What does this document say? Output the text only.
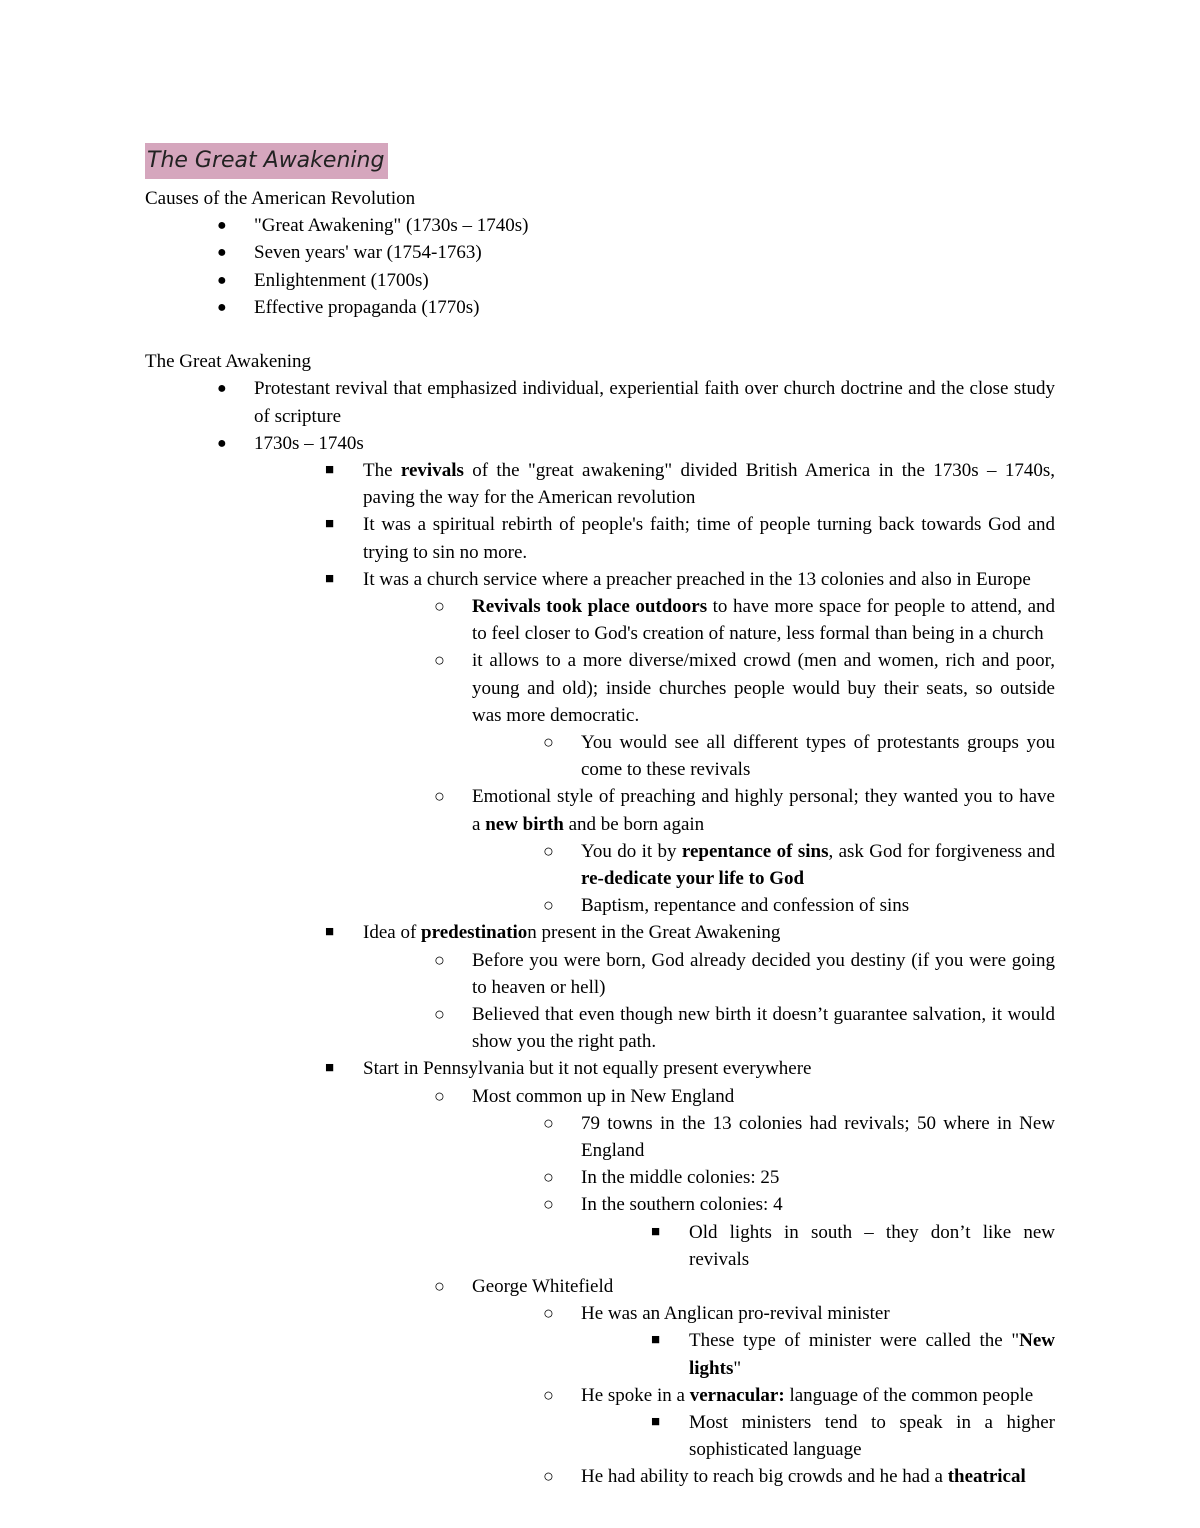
The Great Awakening
Causes of the American Revolution
● "Great Awakening" (1730s – 1740s)
● Seven years' war (1754-1763)
● Enlightenment (1700s)
● Effective propaganda (1770s)
The Great Awakening
● Protestant revival that emphasized individual, experiential faith over church doctrine and the close study of scripture
● 1730s – 1740s
■ The revivals of the "great awakening" divided British America in the 1730s – 1740s, paving the way for the American revolution
■ It was a spiritual rebirth of people's faith; time of people turning back towards God and trying to sin no more.
■ It was a church service where a preacher preached in the 13 colonies and also in Europe
○ Revivals took place outdoors to have more space for people to attend, and to feel closer to God's creation of nature, less formal than being in a church
○ it allows to a more diverse/mixed crowd (men and women, rich and poor, young and old); inside churches people would buy their seats, so outside was more democratic.
○ You would see all different types of protestants groups you come to these revivals
○ Emotional style of preaching and highly personal; they wanted you to have a new birth and be born again
○ You do it by repentance of sins, ask God for forgiveness and re-dedicate your life to God
○ Baptism, repentance and confession of sins
■ Idea of predestination present in the Great Awakening
○ Before you were born, God already decided you destiny (if you were going to heaven or hell)
○ Believed that even though new birth it doesn’t guarantee salvation, it would show you the right path.
■ Start in Pennsylvania but it not equally present everywhere
○ Most common up in New England
○ 79 towns in the 13 colonies had revivals; 50 where in New England
○ In the middle colonies: 25
○ In the southern colonies: 4
■ Old lights in south – they don’t like new revivals
○ George Whitefield
○ He was an Anglican pro-revival minister
■ These type of minister were called the "New lights"
○ He spoke in a vernacular: language of the common people
■ Most ministers tend to speak in a higher sophisticated language
○ He had ability to reach big crowds and he had a theatrical
